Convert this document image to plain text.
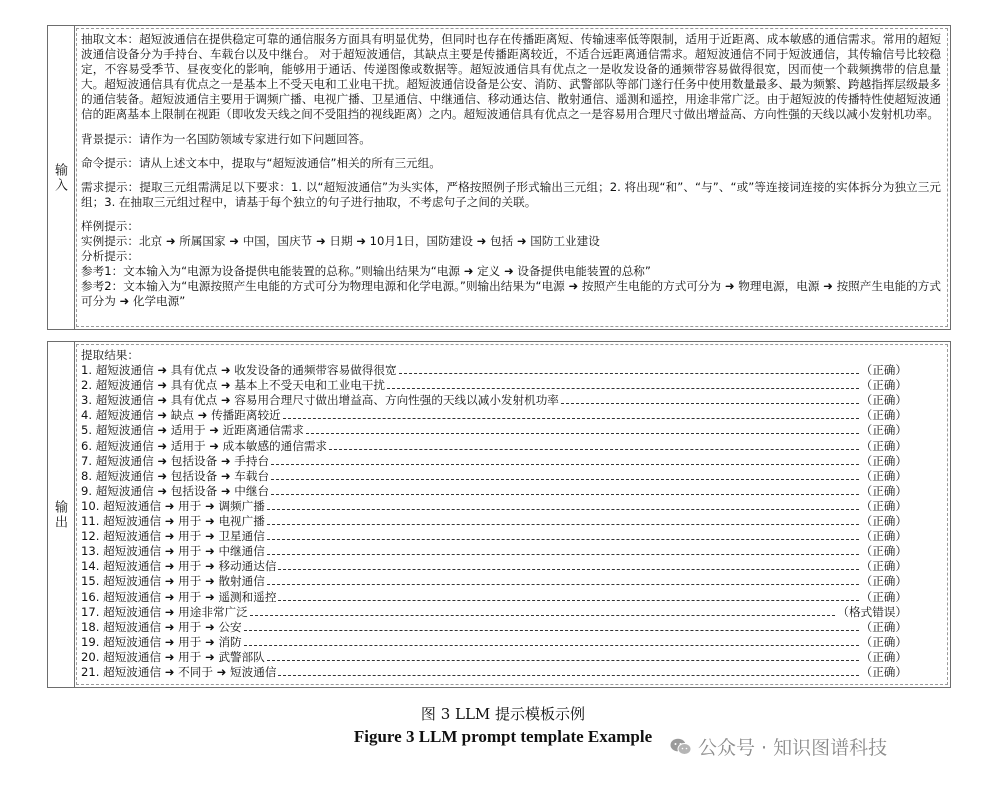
输入

抽取文本：超短波通信在提供稳定可靠的通信服务方面具有明显优势，但同时也存在传播距离短、传输速率低等限制，适用于近距离、成本敏感的通信需求。常用的超短波通信设备分为手持台、车载台以及中继台。 对于超短波通信，其缺点主要是传播距离较近，不适合远距离通信需求。超短波通信不同于短波通信，其传输信号比较稳定，不容易受季节、昼夜变化的影响，能够用于通话、传递图像或数据等。超短波通信具有优点之一是收发设备的通频带容易做得很宽，因而使一个载频携带的信息量大。超短波通信具有优点之一是基本上不受天电和工业电干扰。超短波通信设备是公安、消防、武警部队等部门遂行任务中使用数量最多、最为频繁、跨越指挥层级最多的通信装备。超短波通信主要用于调频广播、电视广播、卫星通信、中继通信、移动通达信、散射通信、遥测和遥控，用途非常广泛。由于超短波的传播特性使超短波通信的距离基本上限制在视距（即收发天线之间不受阻挡的视线距离）之内。超短波通信具有优点之一是容易用合理尺寸做出增益高、方向性强的天线以减小发射机功率。

背景提示：请作为一名国防领域专家进行如下问题回答。

命令提示：请从上述文本中，提取与“超短波通信”相关的所有三元组。

需求提示：提取三元组需满足以下要求：1. 以“超短波通信”为头实体，严格按照例子形式输出三元组；2. 将出现“和”、“与”、“或”等连接词连接的实体拆分为独立三元组；3. 在抽取三元组过程中，请基于每个独立的句子进行抽取，不考虑句子之间的关联。

样例提示：

实例提示：北京 ➜ 所属国家 ➜ 中国，国庆节 ➜ 日期 ➜ 10月1日，国防建设 ➜ 包括 ➜ 国防工业建设

分析提示：

参考1：文本输入为“电源为设备提供电能装置的总称。”则输出结果为“电源 ➜ 定义 ➜ 设备提供电能装置的总称”

参考2：文本输入为“电源按照产生电能的方式可分为物理电源和化学电源。”则输出结果为“电源 ➜ 按照产生电能的方式可分为 ➜ 物理电源，电源 ➜ 按照产生电能的方式可分为 ➜ 化学电源”

输出

提取结果：

1. 超短波通信 ➜ 具有优点 ➜ 收发设备的通频带容易做得很宽	（正确）
2. 超短波通信 ➜ 具有优点 ➜ 基本上不受天电和工业电干扰	（正确）
3. 超短波通信 ➜ 具有优点 ➜ 容易用合理尺寸做出增益高、方向性强的天线以减小发射机功率	（正确）
4. 超短波通信 ➜ 缺点 ➜ 传播距离较近	（正确）
5. 超短波通信 ➜ 适用于 ➜ 近距离通信需求	（正确）
6. 超短波通信 ➜ 适用于 ➜ 成本敏感的通信需求	（正确）
7. 超短波通信 ➜ 包括设备 ➜ 手持台	（正确）
8. 超短波通信 ➜ 包括设备 ➜ 车载台	（正确）
9. 超短波通信 ➜ 包括设备 ➜ 中继台	（正确）
10. 超短波通信 ➜ 用于 ➜ 调频广播	（正确）
11. 超短波通信 ➜ 用于 ➜ 电视广播	（正确）
12. 超短波通信 ➜ 用于 ➜ 卫星通信	（正确）
13. 超短波通信 ➜ 用于 ➜ 中继通信	（正确）
14. 超短波通信 ➜ 用于 ➜ 移动通达信	（正确）
15. 超短波通信 ➜ 用于 ➜ 散射通信	（正确）
16. 超短波通信 ➜ 用于 ➜ 遥测和遥控	（正确）
17. 超短波通信 ➜ 用途非常广泛	（格式错误）
18. 超短波通信 ➜ 用于 ➜ 公安	（正确）
19. 超短波通信 ➜ 用于 ➜ 消防	（正确）
20. 超短波通信 ➜ 用于 ➜ 武警部队	（正确）
21. 超短波通信 ➜ 不同于 ➜ 短波通信	（正确）
图 3 LLM 提示模板示例
Figure 3 LLM prompt template Example
公众号 · 知识图谱科技
